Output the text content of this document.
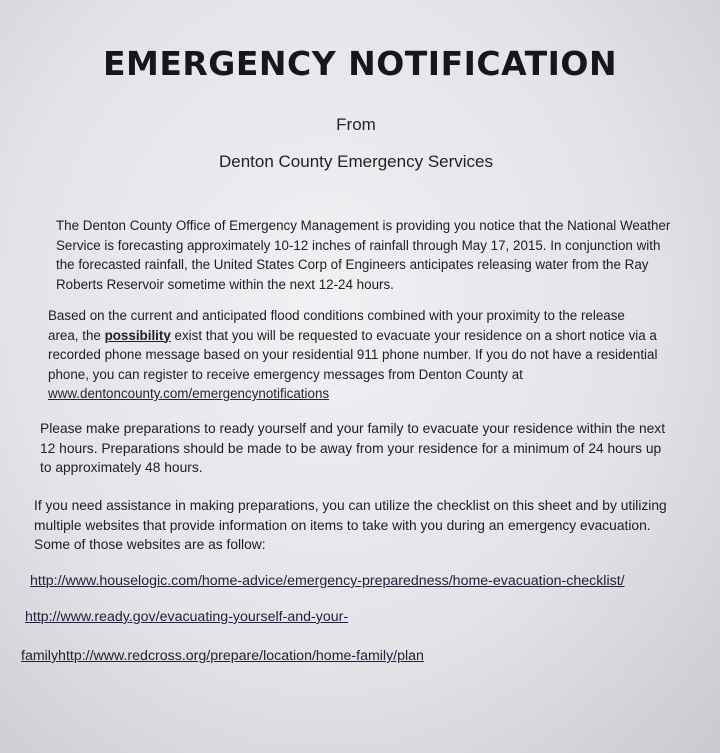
EMERGENCY NOTIFICATION
From
Denton County Emergency Services
The Denton County Office of Emergency Management is providing you notice that the National Weather
Service is forecasting approximately 10-12 inches of rainfall through May 17, 2015. In conjunction with
the forecasted rainfall, the United States Corp of Engineers anticipates releasing water from the Ray
Roberts Reservoir sometime within the next 12-24 hours.
Based on the current and anticipated flood conditions combined with your proximity to the release
area, the possibility exist that you will be requested to evacuate your residence on a short notice via a
recorded phone message based on your residential 911 phone number. If you do not have a residential
phone, you can register to receive emergency messages from Denton County at
www.dentoncounty.com/emergencynotifications
Please make preparations to ready yourself and your family to evacuate your residence within the next
12 hours. Preparations should be made to be away from your residence for a minimum of 24 hours up
to approximately 48 hours.
If you need assistance in making preparations, you can utilize the checklist on this sheet and by utilizing
multiple websites that provide information on items to take with you during an emergency evacuation.
Some of those websites are as follow:
http://www.houselogic.com/home-advice/emergency-preparedness/home-evacuation-checklist/
http://www.ready.gov/evacuating-yourself-and-your-
familyhttp://www.redcross.org/prepare/location/home-family/plan
